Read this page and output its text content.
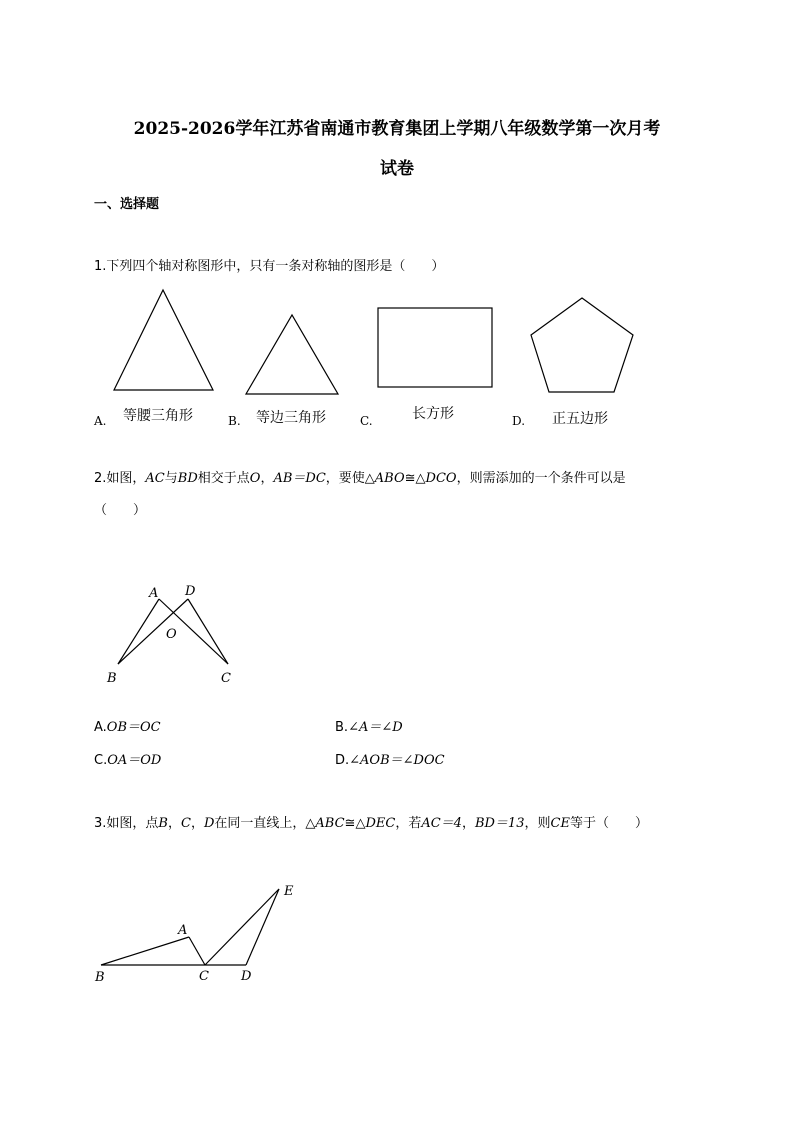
2025-2026学年江苏省南通市教育集团上学期八年级数学第一次月考
试卷
一、选择题
1.下列四个轴对称图形中，只有一条对称轴的图形是（　　）
A. 等腰三角形	B. 等边三角形	C.	长方形	D. 正五边形
2.如图，AC与BD相交于点O，AB＝DC，要使△ABO≅△DCO，则需添加的一个条件可以是
（　　）
A D
O
B	C
A.OB＝OC	B.∠A＝∠D
C.OA＝OD	D.∠AOB＝∠DOC
3.如图，点B，C，D在同一直线上，△ABC≅△DEC，若AC＝4，BD＝13，则CE等于（　　）
A
B	C D
E
